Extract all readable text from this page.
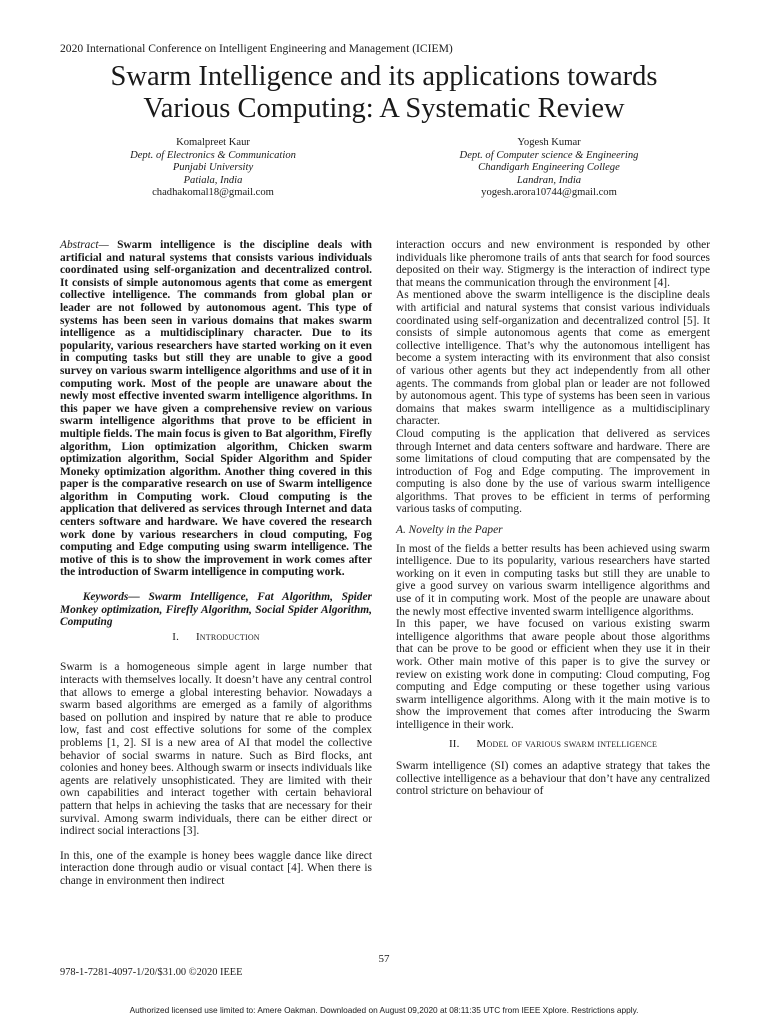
2020 International Conference on Intelligent Engineering and Management (ICIEM)
Swarm Intelligence and its applications towards
Various Computing: A Systematic Review
Komalpreet Kaur
Dept. of Electronics & Communication
Punjabi University
Patiala, India
chadhakomal18@gmail.com
Yogesh Kumar
Dept. of Computer science & Engineering
Chandigarh Engineering College
Landran, India
yogesh.arora10744@gmail.com

Abstract— Swarm intelligence is the discipline deals with artificial and natural systems that consists various individuals coordinated using self-organization and decentralized control. It consists of simple autonomous agents that come as emergent collective intelligence. The commands from global plan or leader are not followed by autonomous agent. This type of systems has been seen in various domains that makes swarm intelligence as a multidisciplinary character. Due to its popularity, various researchers have started working on it even in computing tasks but still they are unable to give a good survey on various swarm intelligence algorithms and use of it in computing work. Most of the people are unaware about the newly most effective invented swarm intelligence algorithms. In this paper we have given a comprehensive review on various swarm intelligence algorithms that prove to be efficient in multiple fields. The main focus is given to Bat algorithm, Firefly algorithm, Lion optimization algorithm, Chicken swarm optimization algorithm, Social Spider Algorithm and Spider Moneky optimization algorithm. Another thing covered in this paper is the comparative research on use of Swarm intelligence algorithm in Computing work. Cloud computing is the application that delivered as services through Internet and data centers software and hardware. We have covered the research work done by various researchers in cloud computing, Fog computing and Edge computing using swarm intelligence. The motive of this is to show the improvement in work comes after the introduction of Swarm intelligence in computing work.

  Keywords— Swarm Intelligence, Fat Algorithm, Spider Monkey optimization, Firefly Algorithm, Social Spider Algorithm, Computing

I.   Introduction

Swarm is a homogeneous simple agent in large number that interacts with themselves locally. It doesn’t have any central control that allows to emerge a global interesting behavior. Nowadays a swarm based algorithms are emerged as a family of algorithms based on pollution and inspired by nature that re able to produce low, fast and cost effective solutions for some of the complex problems [1, 2]. SI is a new area of AI that model the collective behavior of social swarms in nature. Such as Bird flocks, ant colonies and honey bees. Although swarm or insects individuals like agents are relatively unsophisticated. They are limited with their own capabilities and interact together with certain behavioral pattern that helps in achieving the tasks that are necessary for their survival. Among swarm individuals, there can be either direct or indirect social interactions [3].

In this, one of the example is honey bees waggle dance like direct interaction done through audio or visual contact [4]. When there is change in environment then indirect

interaction occurs and new environment is responded by other individuals like pheromone trails of ants that search for food sources deposited on their way. Stigmergy is the interaction of indirect type that means the communication through the environment [4].

As mentioned above the swarm intelligence is the discipline deals with artificial and natural systems that consist various individuals coordinated using self-organization and decentralized control [5]. It consists of simple autonomous agents that come as emergent collective intelligence. That’s why the autonomous intelligent has become a system interacting with its environment that also consist of various other agents but they act independently from all other agents. The commands from global plan or leader are not followed by autonomous agent. This type of systems has been seen in various domains that makes swarm intelligence as a multidisciplinary character.

Cloud computing is the application that delivered as services through Internet and data centers software and hardware. There are some limitations of cloud computing that are compensated by the introduction of Fog and Edge computing. The improvement in computing is also done by the use of various swarm intelligence algorithms. That proves to be efficient in terms of performing various tasks of computing.

A. Novelty in the Paper

In most of the fields a better results has been achieved using swarm intelligence. Due to its popularity, various researchers have started working on it even in computing tasks but still they are unable to give a good survey on various swarm intelligence algorithms and use of it in computing work. Most of the people are unaware about the newly most effective invented swarm intelligence algorithms.

In this paper, we have focused on various existing swarm intelligence algorithms that aware people about those algorithms that can be prove to be good or efficient when they use it in their work. Other main motive of this paper is to give the survey or review on existing work done in computing: Cloud computing, Fog computing and Edge computing or these together using various swarm intelligence algorithms. Along with it the main motive is to show the improvement that comes after introducing the Swarm intelligence in their work.

II.   Model of various swarm intelligence

Swarm intelligence (SI) comes an adaptive strategy that takes the collective intelligence as a behaviour that don’t have any centralized control stricture on behaviour of

57
978-1-7281-4097-1/20/$31.00 ©2020 IEEE
Authorized licensed use limited to: Amere Oakman. Downloaded on August 09,2020 at 08:11:35 UTC from IEEE Xplore. Restrictions apply.
